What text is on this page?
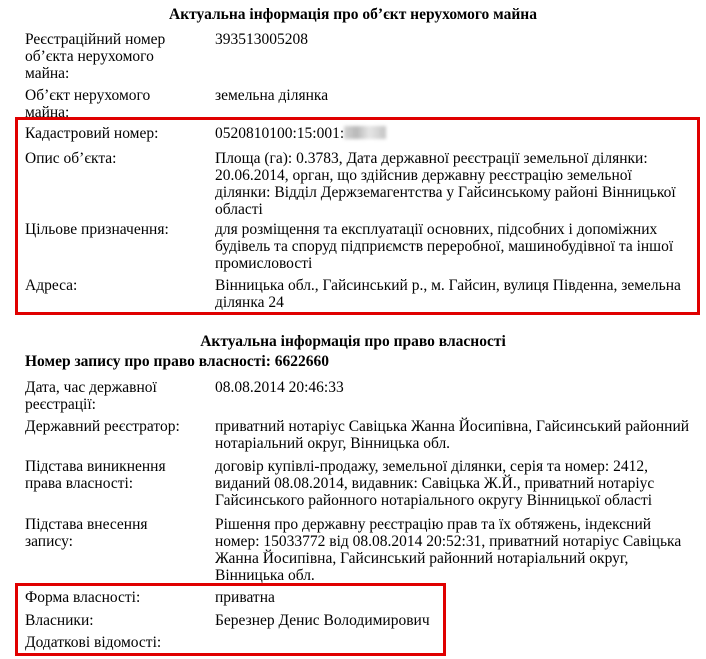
Актуальна інформація про об’єкт нерухомого майна
Реєстраційний номер об’єкта нерухомого майна:
393513005208
Об’єкт нерухомого майна:
земельна ділянка
Кадастровий номер:	0520810100:15:001:
Опис об’єкта:	Площа (га): 0.3783, Дата державної реєстрації земельної ділянки: 20.06.2014, орган, що здійснив державну реєстрацію земельної ділянки: Відділ Держземагентства у Гайсинському районі Вінницької області
Цільове призначення:	для розміщення та експлуатації основних, підсобних і допоміжних будівель та споруд підприємств переробної, машинобудівної та іншої промисловості
Адреса:	Вінницька обл., Гайсинський р., м. Гайсин, вулиця Південна, земельна ділянка 24
Актуальна інформація про право власності
Номер запису про право власності: 6622660
Дата, час державної реєстрації:
08.08.2014 20:46:33
Державний реєстратор:	приватний нотаріус Савіцька Жанна Йосипівна, Гайсинський районний нотаріальний округ, Вінницька обл.
Підстава виникнення права власності:
договір купівлі-продажу, земельної ділянки, серія та номер: 2412, виданий 08.08.2014, видавник: Савіцька Ж.Й., приватний нотаріус Гайсинського районного нотаріального округу Вінницької області
Підстава внесення запису:
Рішення про державну реєстрацію прав та їх обтяжень, індексний номер: 15033772 від 08.08.2014 20:52:31, приватний нотаріус Савіцька Жанна Йосипівна, Гайсинський районний нотаріальний округ, Вінницька обл.
Форма власності:	приватна
Власники:	Березнер Денис Володимирович
Додаткові відомості:
